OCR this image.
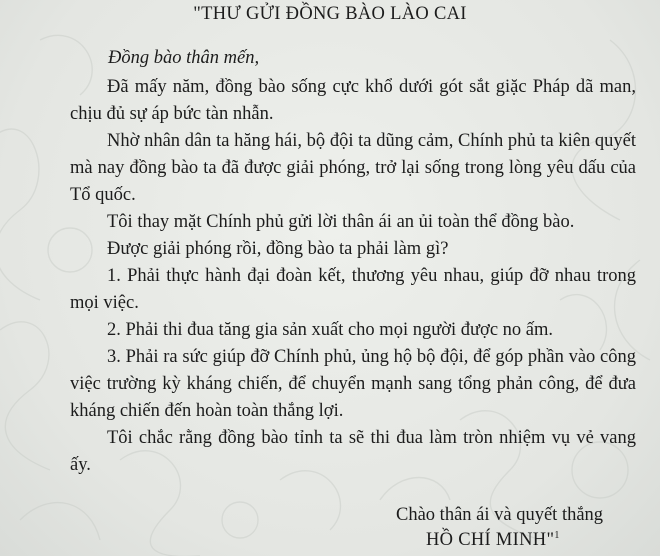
"THƯ GỬI ĐỒNG BÀO LÀO CAI
Đồng bào thân mến,

Đã mấy năm, đồng bào sống cực khổ dưới gót sắt giặc Pháp dã man, chịu đủ sự áp bức tàn nhẫn.

Nhờ nhân dân ta hăng hái, bộ đội ta dũng cảm, Chính phủ ta kiên quyết mà nay đồng bào ta đã được giải phóng, trở lại sống trong lòng yêu dấu của Tổ quốc.

Tôi thay mặt Chính phủ gửi lời thân ái an ủi toàn thể đồng bào.

Được giải phóng rồi, đồng bào ta phải làm gì?

1. Phải thực hành đại đoàn kết, thương yêu nhau, giúp đỡ nhau trong mọi việc.

2. Phải thi đua tăng gia sản xuất cho mọi người được no ấm.

3. Phải ra sức giúp đỡ Chính phủ, ủng hộ bộ đội, để góp phần vào công việc trường kỳ kháng chiến, để chuyển mạnh sang tổng phản công, để đưa kháng chiến đến hoàn toàn thắng lợi.

Tôi chắc rằng đồng bào tỉnh ta sẽ thi đua làm tròn nhiệm vụ vẻ vang ấy.

Chào thân ái và quyết thắng
HỒ CHÍ MINH"$^1$
